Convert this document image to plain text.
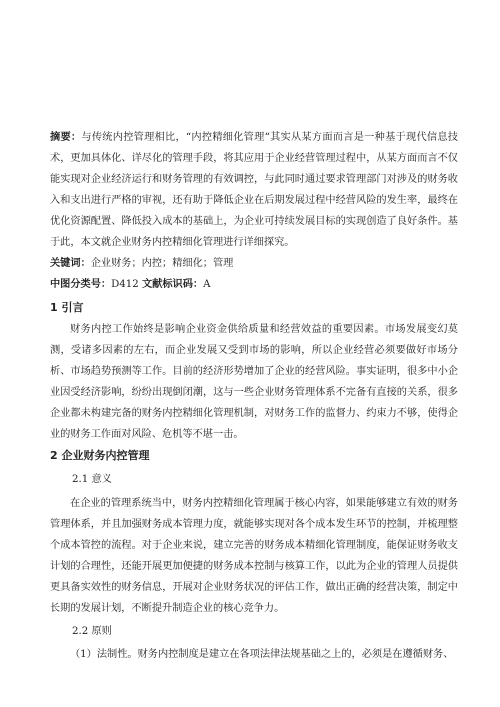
摘要：与传统内控管理相比，“内控精细化管理“其实从某方面而言是一种基于现代信息技术，更加具体化、详尽化的管理手段，将其应用于企业经营管理过程中，从某方面而言不仅能实现对企业经济运行和财务管理的有效调控，与此同时通过要求管理部门对涉及的财务收入和支出进行严格的审视，还有助于降低企业在后期发展过程中经营风险的发生率，最终在优化资源配置、降低投入成本的基础上，为企业可持续发展目标的实现创造了良好条件。基于此，本文就企业财务内控精细化管理进行详细探究。
关键词：企业财务；内控；精细化；管理
中图分类号：D412 文献标识码：A
1 引言
财务内控工作始终是影响企业资金供给质量和经营效益的重要因素。市场发展变幻莫测，受诸多因素的左右，而企业发展又受到市场的影响，所以企业经营必须要做好市场分析、市场趋势预测等工作。目前的经济形势增加了企业的经营风险。事实证明，很多中小企业因受经济影响，纷纷出现倒闭潮，这与一些企业财务管理体系不完备有直接的关系，很多企业都未构建完备的财务内控精细化管理机制，对财务工作的监督力、约束力不够，使得企业的财务工作面对风险、危机等不堪一击。
2 企业财务内控管理
2.1 意义
在企业的管理系统当中，财务内控精细化管理属于核心内容，如果能够建立有效的财务管理体系，并且加强财务成本管理力度，就能够实现对各个成本发生环节的控制，并梳理整个成本管控的流程。对于企业来说，建立完善的财务成本精细化管理制度，能保证财务收支计划的合理性，还能开展更加便捷的财务成本控制与核算工作，以此为企业的管理人员提供更具备实效性的财务信息，开展对企业财务状况的评估工作，做出正确的经营决策，制定中长期的发展计划，不断提升制造企业的核心竞争力。
2.2 原则
（1）法制性。财务内控制度是建立在各项法律法规基础之上的，必须是在遵循财务、
